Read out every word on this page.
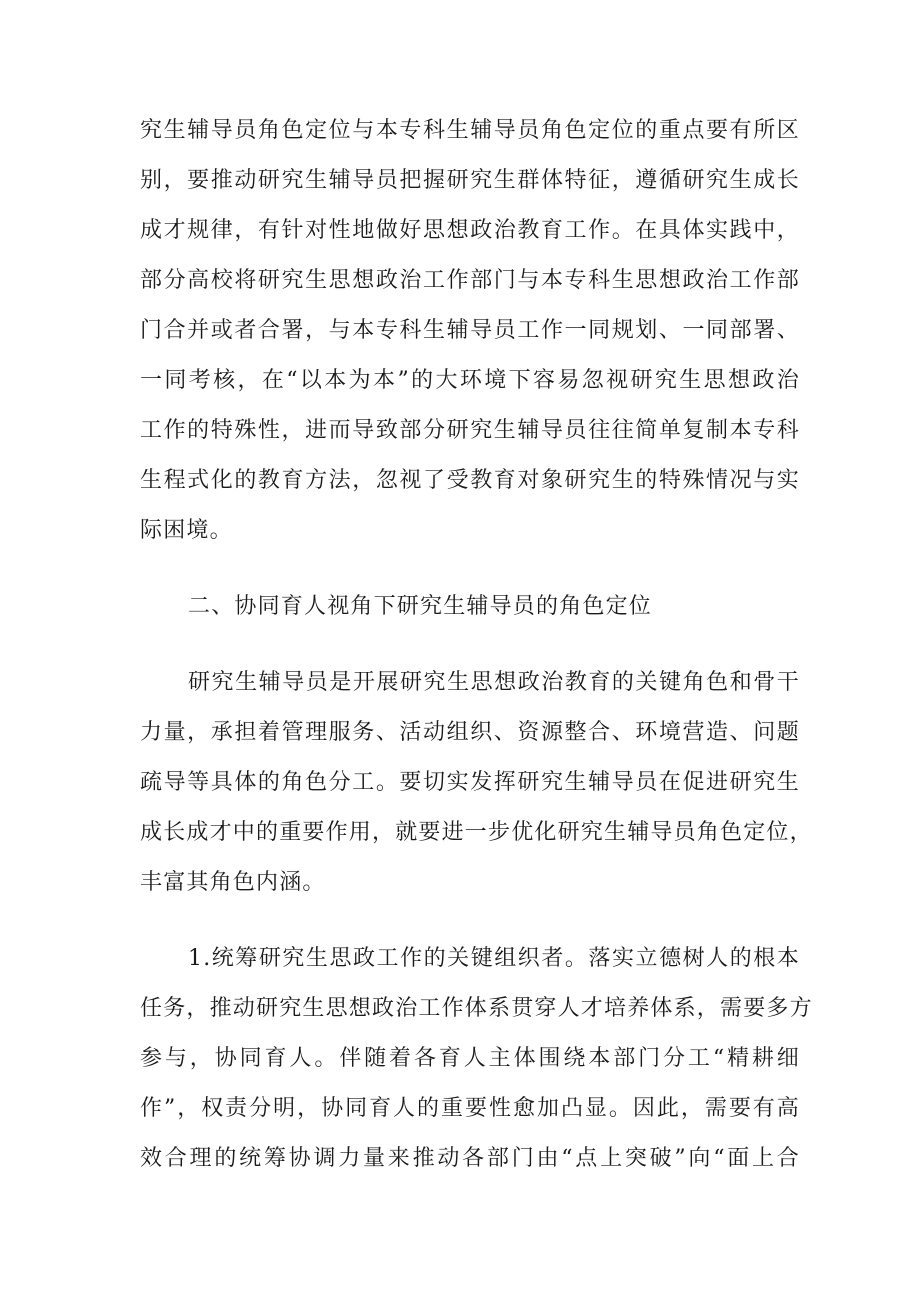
究生辅导员角色定位与本专科生辅导员角色定位的重点要有所区
别，要推动研究生辅导员把握研究生群体特征，遵循研究生成长
成才规律，有针对性地做好思想政治教育工作。在具体实践中，
部分高校将研究生思想政治工作部门与本专科生思想政治工作部
门合并或者合署，与本专科生辅导员工作一同规划、一同部署、
一同考核，在“以本为本”的大环境下容易忽视研究生思想政治
工作的特殊性，进而导致部分研究生辅导员往往简单复制本专科
生程式化的教育方法，忽视了受教育对象研究生的特殊情况与实
际困境。
二、协同育人视角下研究生辅导员的角色定位
研究生辅导员是开展研究生思想政治教育的关键角色和骨干
力量，承担着管理服务、活动组织、资源整合、环境营造、问题
疏导等具体的角色分工。要切实发挥研究生辅导员在促进研究生
成长成才中的重要作用，就要进一步优化研究生辅导员角色定位，
丰富其角色内涵。
1.统筹研究生思政工作的关键组织者。落实立德树人的根本
任务，推动研究生思想政治工作体系贯穿人才培养体系，需要多方
参与，协同育人。伴随着各育人主体围绕本部门分工“精耕细
作”，权责分明，协同育人的重要性愈加凸显。因此，需要有高
效合理的统筹协调力量来推动各部门由“点上突破”向“面上合
